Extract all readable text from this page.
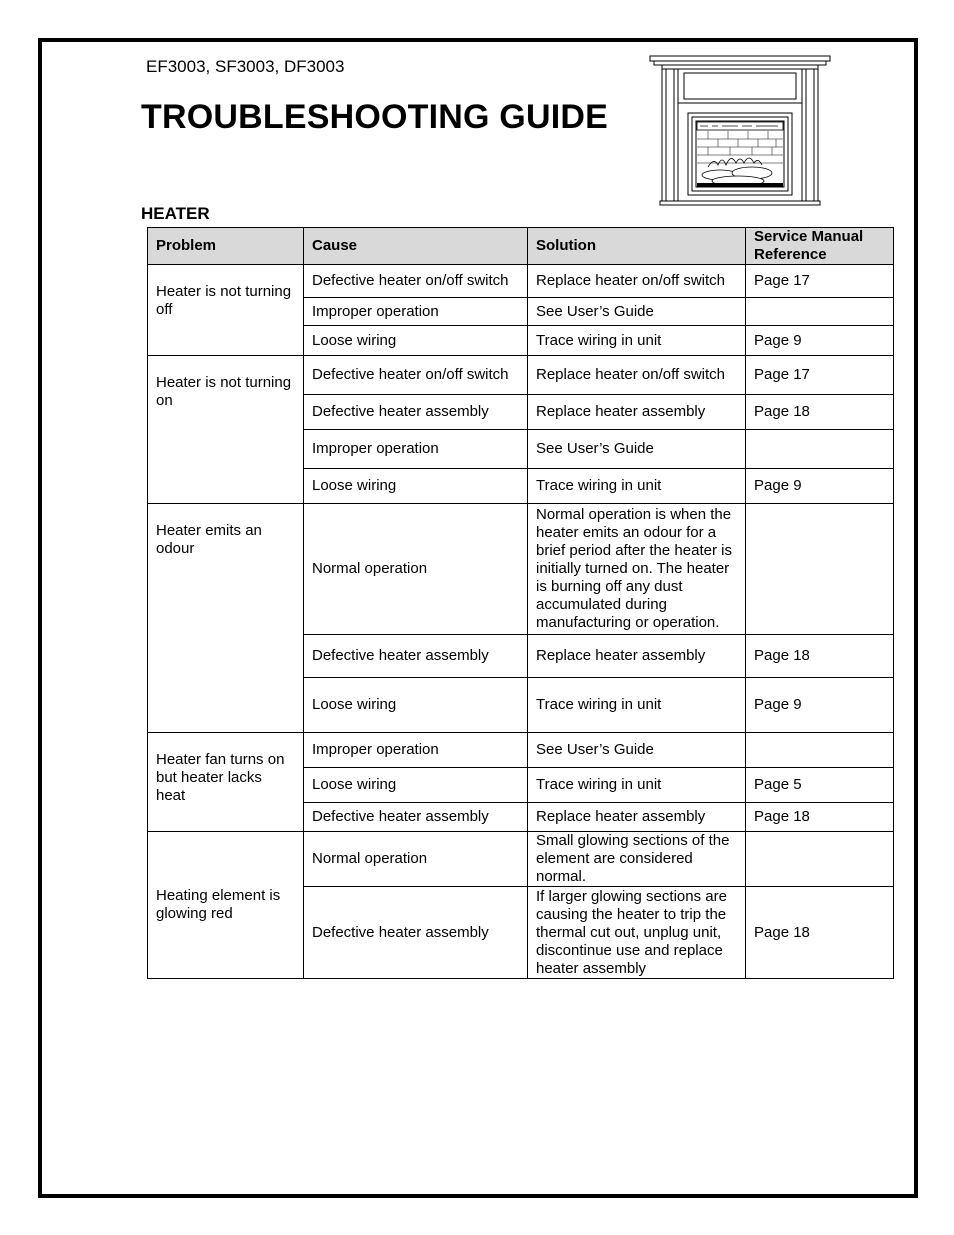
EF3003, SF3003, DF3003
TROUBLESHOOTING GUIDE
HEATER
Problem	Cause	Solution	Service Manual Reference
Heater is not turning off	Defective heater on/off switch	Replace heater on/off switch	Page 17
	Improper operation	See User’s Guide	
	Loose wiring	Trace wiring in unit	Page 9
Heater is not turning on	Defective heater on/off switch	Replace heater on/off switch	Page 17
	Defective heater assembly	Replace heater assembly	Page 18
	Improper operation	See User’s Guide	
	Loose wiring	Trace wiring in unit	Page 9
Heater emits an odour	Normal operation	Normal operation is when the heater emits an odour for a brief period after the heater is initially turned on. The heater is burning off any dust accumulated during manufacturing or operation.	
	Defective heater assembly	Replace heater assembly	Page 18
	Loose wiring	Trace wiring in unit	Page 9
Heater fan turns on but heater lacks heat	Improper operation	See User’s Guide	
	Loose wiring	Trace wiring in unit	Page 5
	Defective heater assembly	Replace heater assembly	Page 18
Heating element is glowing red	Normal operation	Small glowing sections of the element are considered normal.	
	Defective heater assembly	If larger glowing sections are causing the heater to trip the thermal cut out, unplug unit, discontinue use and replace heater assembly	Page 18
